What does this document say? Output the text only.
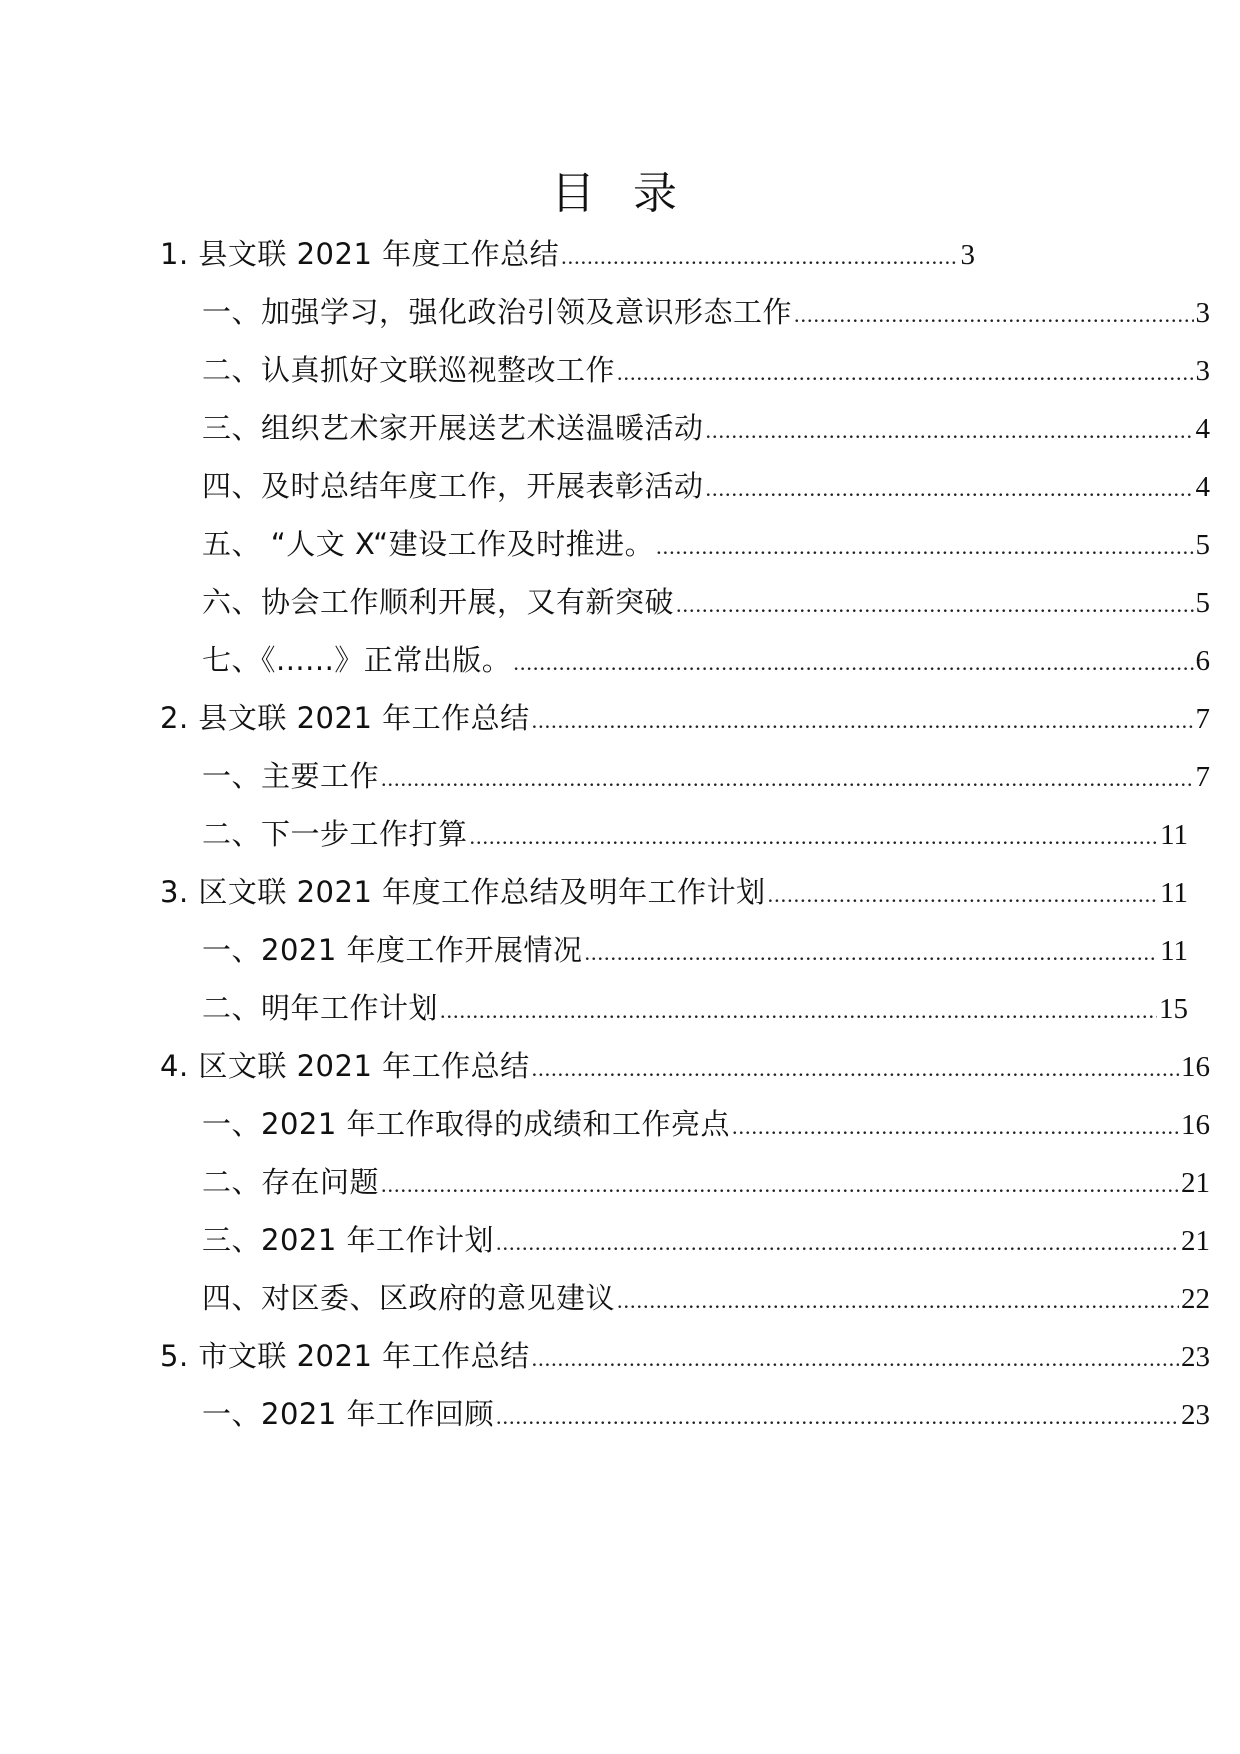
目 录
1. 县文联 2021 年度工作总结 .....	3
一、加强学习，强化政治引领及意识形态工作 .....	3
二、认真抓好文联巡视整改工作 .....	3
三、组织艺术家开展送艺术送温暖活动 .....	4
四、及时总结年度工作，开展表彰活动 .....	4
五、 “人文 X“建设工作及时推进。 .....	5
六、协会工作顺利开展，又有新突破 .....	5
七、《......》正常出版。 .....	6
2. 县文联 2021 年工作总结 .....	7
一、主要工作 .....	7
二、下一步工作打算 .....	11
3. 区文联 2021 年度工作总结及明年工作计划 .....	11
一、2021 年度工作开展情况 .....	11
二、明年工作计划 .....	15
4. 区文联 2021 年工作总结 .....	16
一、2021 年工作取得的成绩和工作亮点 .....	16
二、存在问题 .....	21
三、2021 年工作计划 .....	21
四、对区委、区政府的意见建议 .....	22
5. 市文联 2021 年工作总结 .....	23
一、2021 年工作回顾 .....	23
